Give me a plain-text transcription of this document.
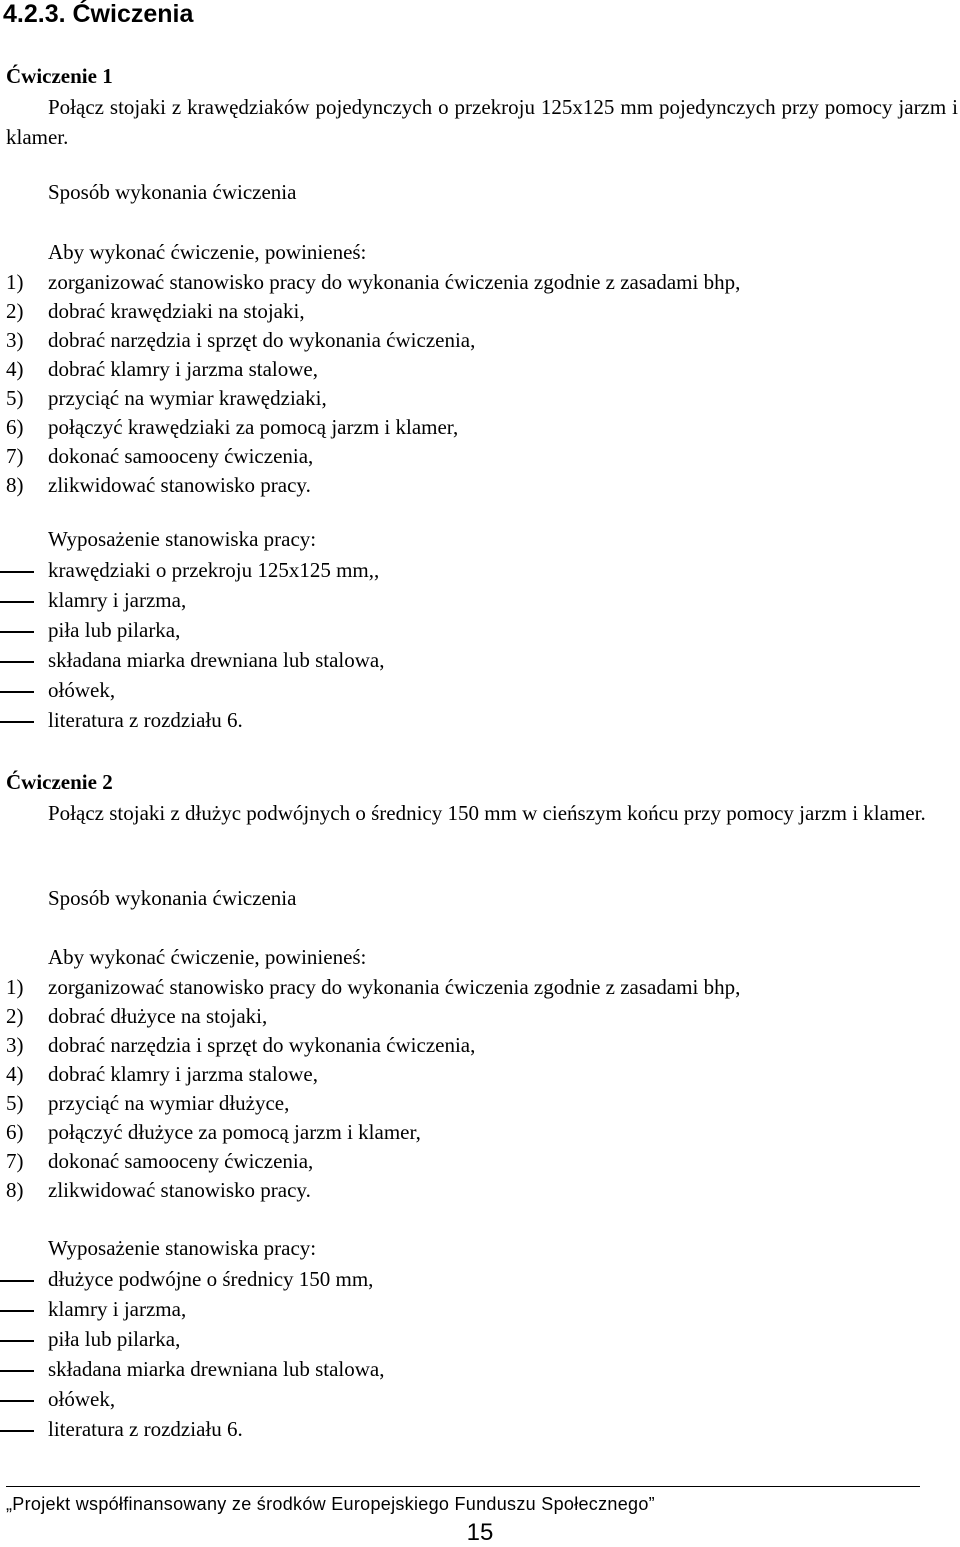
4.2.3. Ćwiczenia
Ćwiczenie 1

Połącz stojaki z krawędziaków pojedynczych o przekroju 125x125 mm pojedynczych przy pomocy jarzm i klamer.

Sposób wykonania ćwiczenia
Aby wykonać ćwiczenie, powinieneś:
1) zorganizować stanowisko pracy do wykonania ćwiczenia zgodnie z zasadami bhp,
2) dobrać krawędziaki na stojaki,
3) dobrać narzędzia i sprzęt do wykonania ćwiczenia,
4) dobrać klamry i jarzma stalowe,
5) przyciąć na wymiar krawędziaki,
6) połączyć krawędziaki za pomocą jarzm i klamer,
7) dokonać samooceny ćwiczenia,
8) zlikwidować stanowisko pracy.
Wyposażenie stanowiska pracy:
krawędziaki o przekroju 125x125 mm,,
klamry i jarzma,
piła lub pilarka,
składana miarka drewniana lub stalowa,
ołówek,
literatura z rozdziału 6.
Ćwiczenie 2

Połącz stojaki z dłużyc podwójnych o średnicy 150 mm w cieńszym końcu przy pomocy jarzm i klamer.

Sposób wykonania ćwiczenia
Aby wykonać ćwiczenie, powinieneś:
1) zorganizować stanowisko pracy do wykonania ćwiczenia zgodnie z zasadami bhp,
2) dobrać dłużyce na stojaki,
3) dobrać narzędzia i sprzęt do wykonania ćwiczenia,
4) dobrać klamry i jarzma stalowe,
5) przyciąć na wymiar dłużyce,
6) połączyć dłużyce za pomocą jarzm i klamer,
7) dokonać samooceny ćwiczenia,
8) zlikwidować stanowisko pracy.
Wyposażenie stanowiska pracy:
dłużyce podwójne o średnicy 150 mm,
klamry i jarzma,
piła lub pilarka,
składana miarka drewniana lub stalowa,
ołówek,
literatura z rozdziału 6.
„Projekt współfinansowany ze środków Europejskiego Funduszu Społecznego”
15
